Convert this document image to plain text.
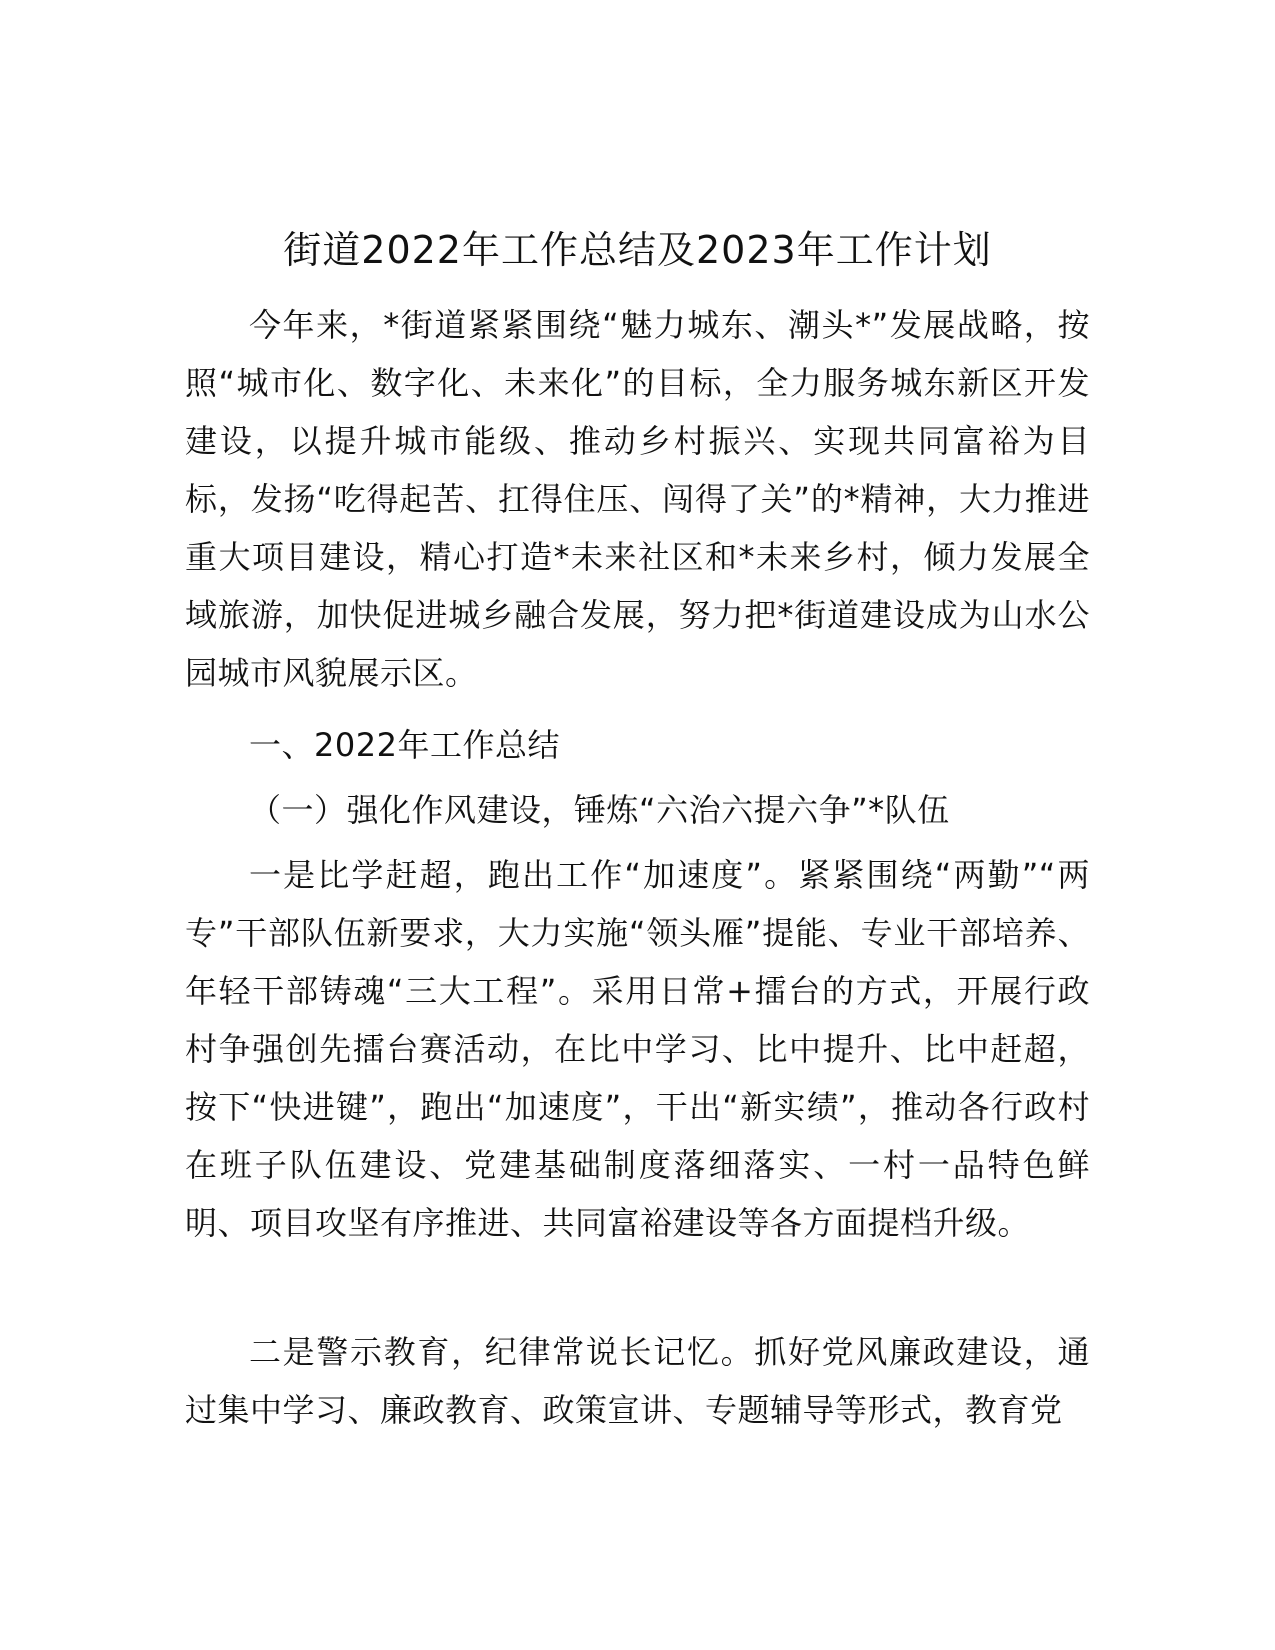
街道2022年工作总结及2023年工作计划

今年来，*街道紧紧围绕“魅力城东、潮头*”发展战略，按照“城市化、数字化、未来化”的目标，全力服务城东新区开发建设，以提升城市能级、推动乡村振兴、实现共同富裕为目标，发扬“吃得起苦、扛得住压、闯得了关”的*精神，大力推进重大项目建设，精心打造*未来社区和*未来乡村，倾力发展全域旅游，加快促进城乡融合发展，努力把*街道建设成为山水公园城市风貌展示区。

一、2022年工作总结

（一）强化作风建设，锤炼“六治六提六争”*队伍

一是比学赶超，跑出工作“加速度”。紧紧围绕“两勤”“两专”干部队伍新要求，大力实施“领头雁”提能、专业干部培养、年轻干部铸魂“三大工程”。采用日常+擂台的方式，开展行政村争强创先擂台赛活动，在比中学习、比中提升、比中赶超，按下“快进键”，跑出“加速度”，干出“新实绩”，推动各行政村在班子队伍建设、党建基础制度落细落实、一村一品特色鲜明、项目攻坚有序推进、共同富裕建设等各方面提档升级。

二是警示教育，纪律常说长记忆。抓好党风廉政建设，通过集中学习、廉政教育、政策宣讲、专题辅导等形式，教育党
